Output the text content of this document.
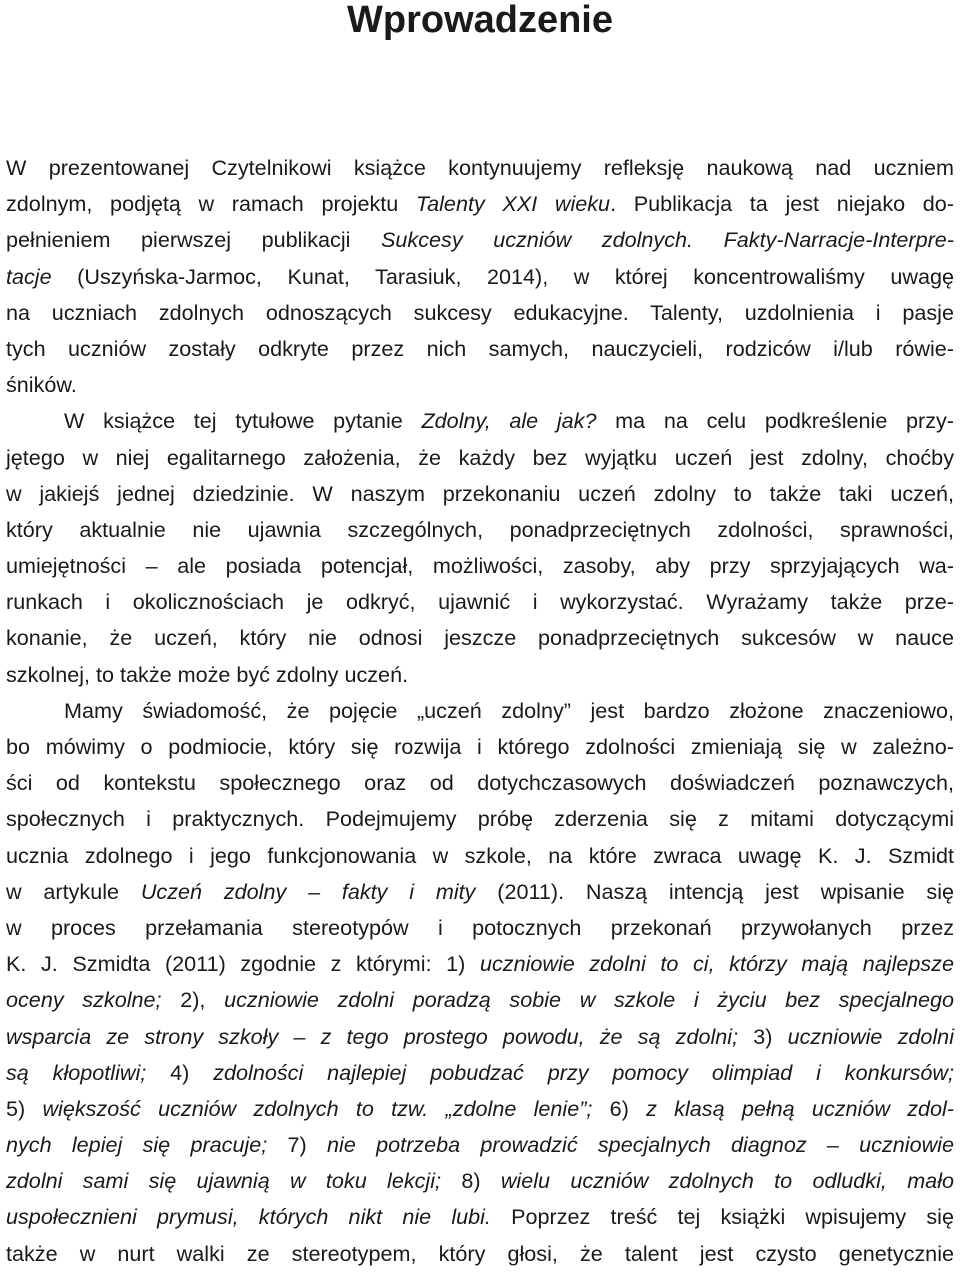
Wprowadzenie
W prezentowanej Czytelnikowi książce kontynuujemy refleksję naukową nad uczniem
zdolnym, podjętą w ramach projektu Talenty XXI wieku. Publikacja ta jest niejako do-
pełnieniem pierwszej publikacji Sukcesy uczniów zdolnych. Fakty-Narracje-Interpre-
tacje (Uszyńska-Jarmoc, Kunat, Tarasiuk, 2014), w której koncentrowaliśmy uwagę
na uczniach zdolnych odnoszących sukcesy edukacyjne. Talenty, uzdolnienia i pasje
tych uczniów zostały odkryte przez nich samych, nauczycieli, rodziców i/lub rówie-
śników.
W książce tej tytułowe pytanie Zdolny, ale jak? ma na celu podkreślenie przy-
jętego w niej egalitarnego założenia, że każdy bez wyjątku uczeń jest zdolny, choćby
w jakiejś jednej dziedzinie. W naszym przekonaniu uczeń zdolny to także taki uczeń,
który aktualnie nie ujawnia szczególnych, ponadprzeciętnych zdolności, sprawności,
umiejętności – ale posiada potencjał, możliwości, zasoby, aby przy sprzyjających wa-
runkach i okolicznościach je odkryć, ujawnić i wykorzystać. Wyrażamy także prze-
konanie, że uczeń, który nie odnosi jeszcze ponadprzeciętnych sukcesów w nauce
szkolnej, to także może być zdolny uczeń.
Mamy świadomość, że pojęcie „uczeń zdolny” jest bardzo złożone znaczeniowo,
bo mówimy o podmiocie, który się rozwija i którego zdolności zmieniają się w zależno-
ści od kontekstu społecznego oraz od dotychczasowych doświadczeń poznawczych,
społecznych i praktycznych. Podejmujemy próbę zderzenia się z mitami dotyczącymi
ucznia zdolnego i jego funkcjonowania w szkole, na które zwraca uwagę K. J. Szmidt
w artykule Uczeń zdolny – fakty i mity (2011). Naszą intencją jest wpisanie się
w proces przełamania stereotypów i potocznych przekonań przywołanych przez
K. J. Szmidta (2011) zgodnie z którymi: 1) uczniowie zdolni to ci, którzy mają najlepsze
oceny szkolne; 2), uczniowie zdolni poradzą sobie w szkole i życiu bez specjalnego
wsparcia ze strony szkoły – z tego prostego powodu, że są zdolni; 3) uczniowie zdolni
są kłopotliwi; 4) zdolności najlepiej pobudzać przy pomocy olimpiad i konkursów;
5) większość uczniów zdolnych to tzw. „zdolne lenie”; 6) z klasą pełną uczniów zdol-
nych lepiej się pracuje; 7) nie potrzeba prowadzić specjalnych diagnoz – uczniowie
zdolni sami się ujawnią w toku lekcji; 8) wielu uczniów zdolnych to odludki, mało
uspołecznieni prymusi, których nikt nie lubi. Poprzez treść tej książki wpisujemy się
także w nurt walki ze stereotypem, który głosi, że talent jest czysto genetycznie
